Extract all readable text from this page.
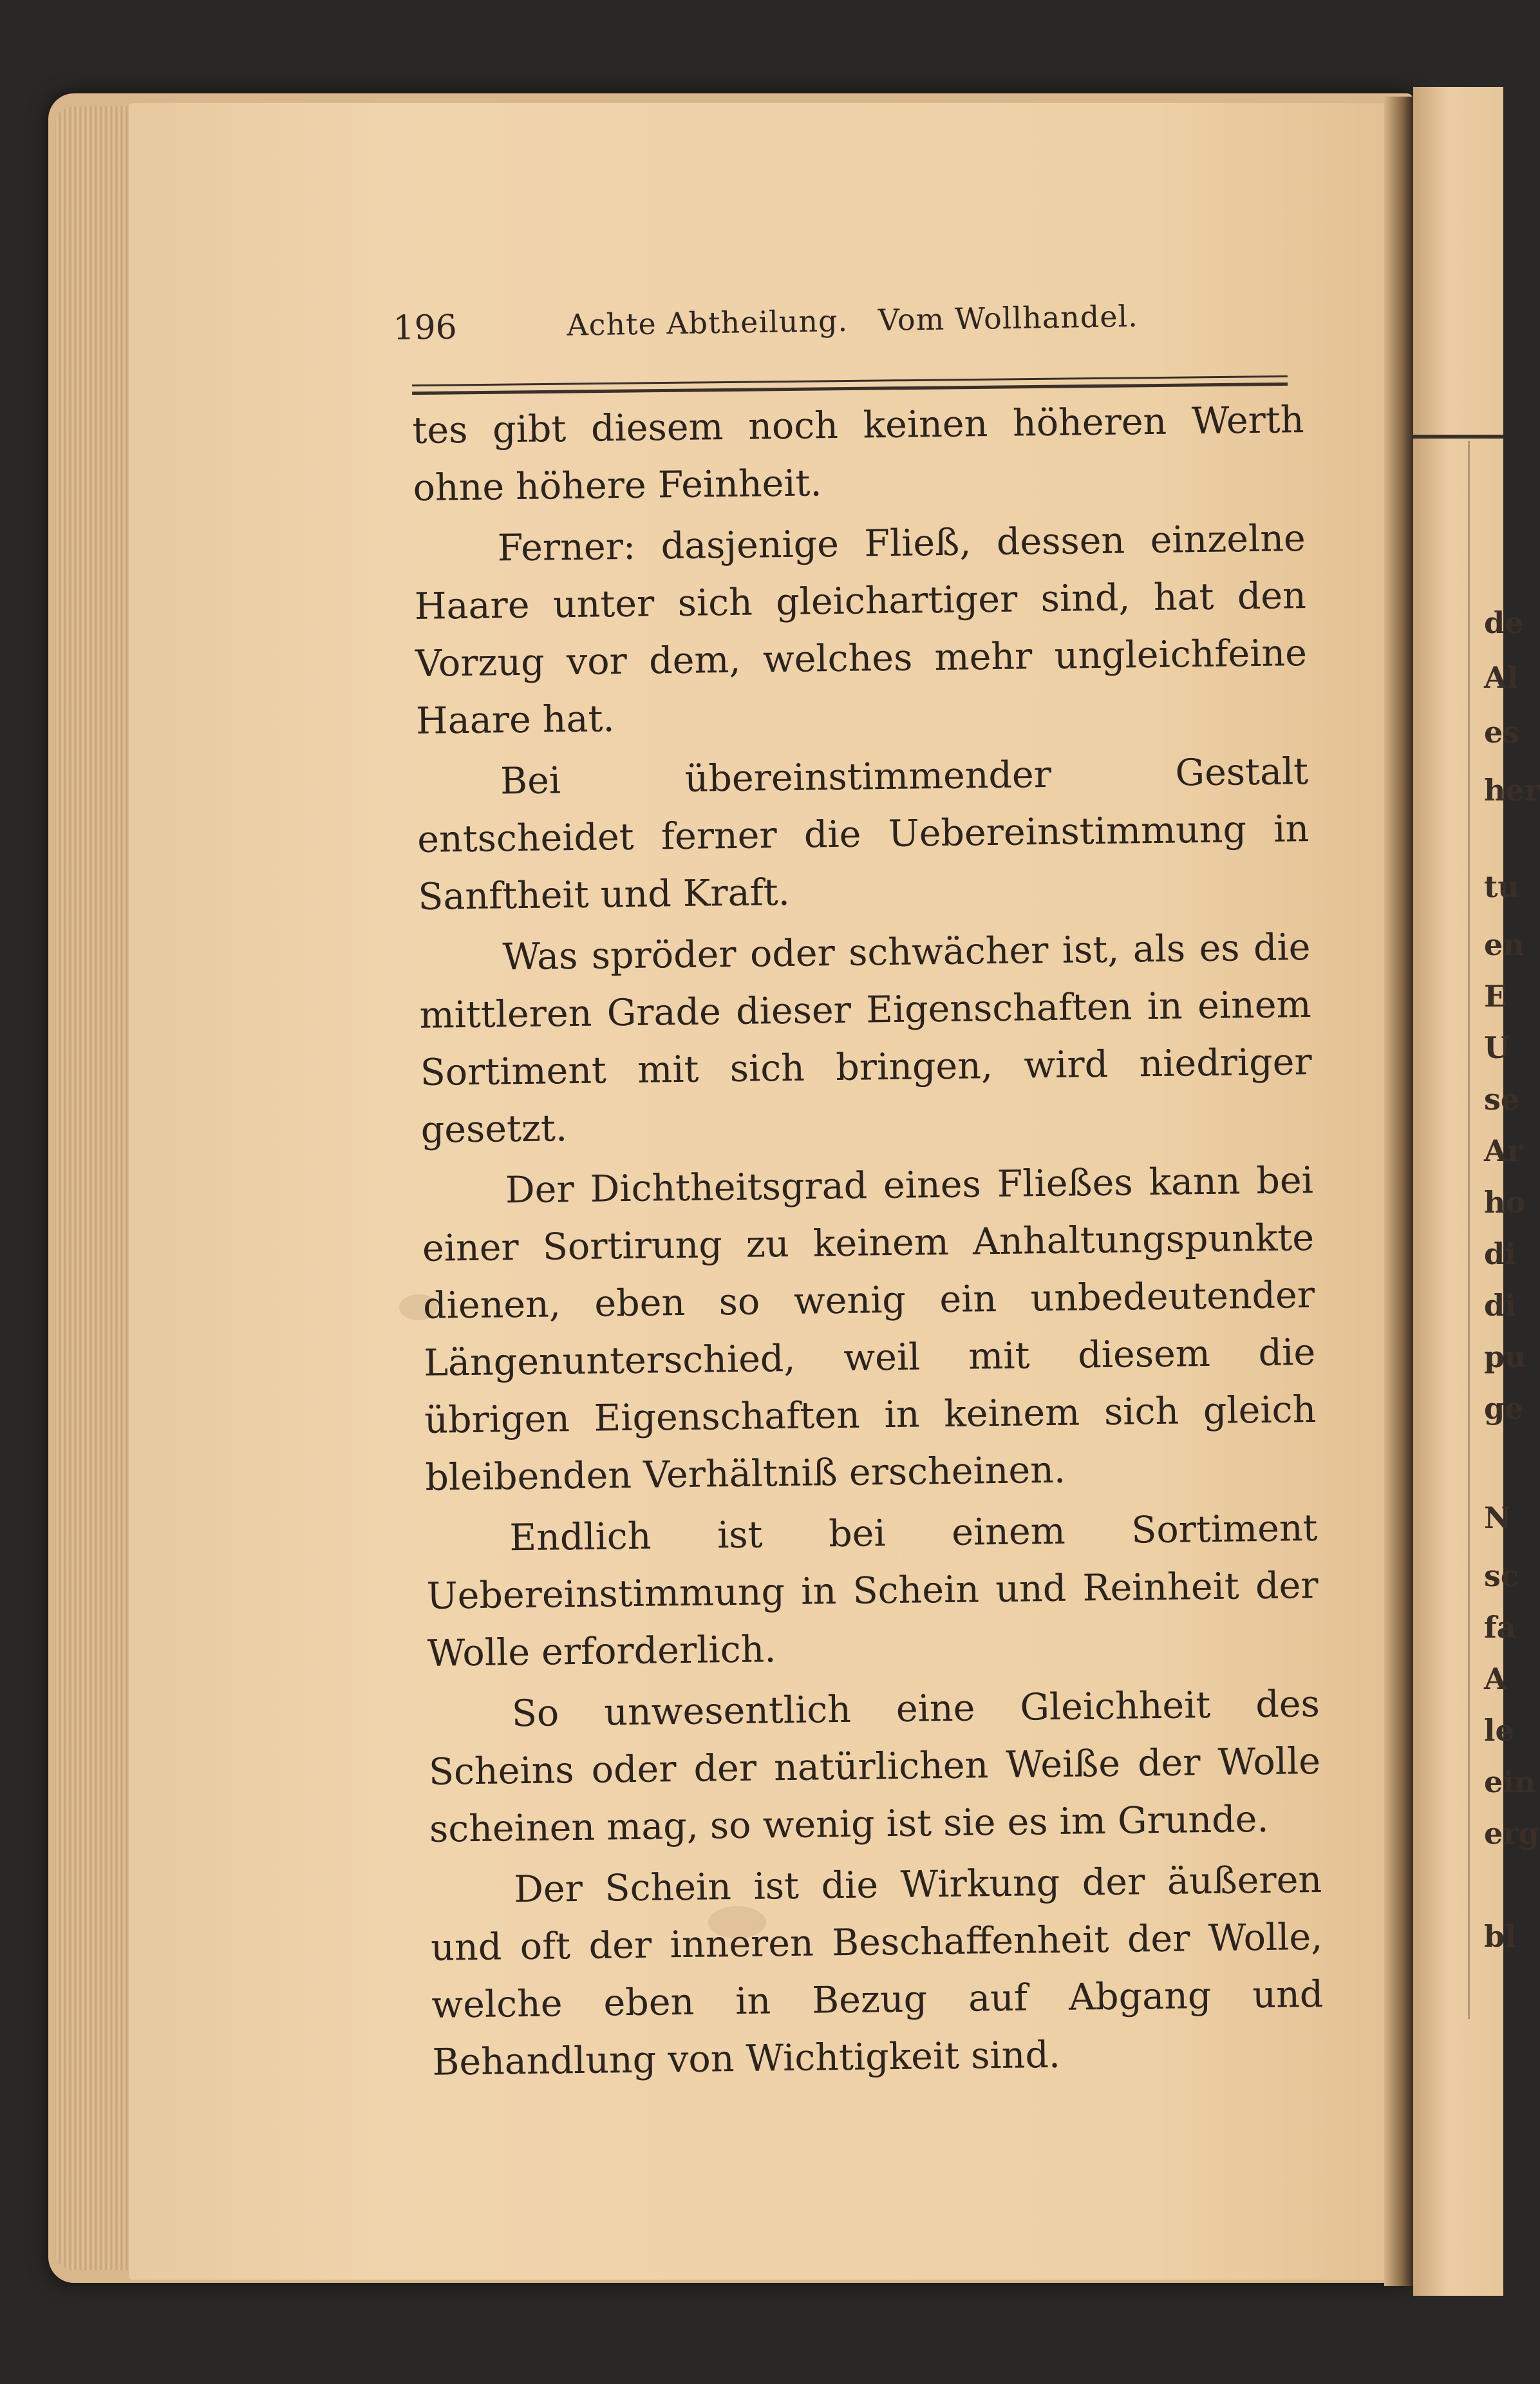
de
Al
es
her
tu
en
E
U
se
Ar
ho
di
di
pu
ge
N
sc
fa
A
le
ein
erg
bl
196	Achte Abtheilung.   Vom Wollhandel.

tes gibt diesem noch keinen höheren Werth ohne höhere Feinheit.

Ferner: dasjenige Fließ, dessen einzelne Haare unter sich gleichartiger sind, hat den Vorzug vor dem, welches mehr ungleichfeine Haare hat.

Bei übereinstimmender Gestalt entscheidet ferner die Uebereinstimmung in Sanftheit und Kraft.

Was spröder oder schwächer ist, als es die mittleren Grade dieser Eigenschaften in einem Sortiment mit sich bringen, wird niedriger gesetzt.

Der Dichtheitsgrad eines Fließes kann bei einer Sortirung zu keinem Anhaltungspunkte dienen, eben so wenig ein unbedeutender Längenunterschied, weil mit diesem die übrigen Eigenschaften in keinem sich gleich bleibenden Verhältniß erscheinen.

Endlich ist bei einem Sortiment Uebereinstimmung in Schein und Reinheit der Wolle erforderlich.

So unwesentlich eine Gleichheit des Scheins oder der natürlichen Weiße der Wolle scheinen mag, so wenig ist sie es im Grunde.

Der Schein ist die Wirkung der äußeren und oft der inneren Beschaffenheit der Wolle, welche eben in Bezug auf Abgang und Behandlung von Wichtigkeit sind.
